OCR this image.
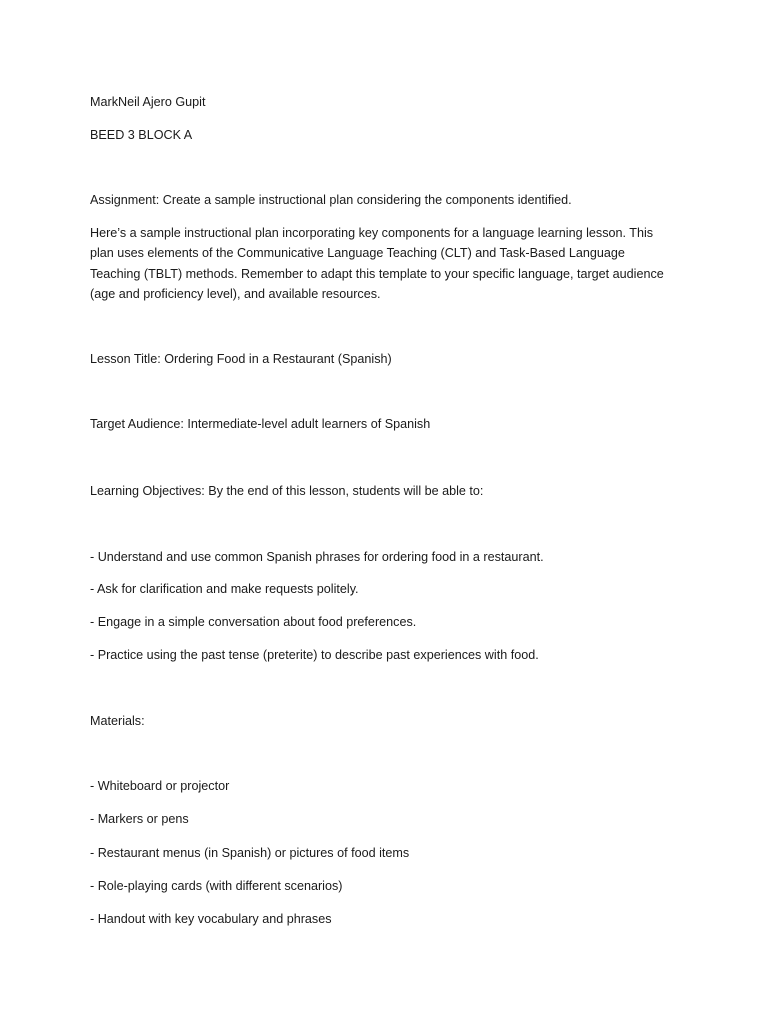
MarkNeil Ajero Gupit

BEED 3 BLOCK A

Assignment: Create a sample instructional plan considering the components identified.

Here’s a sample instructional plan incorporating key components for a language learning lesson. This plan uses elements of the Communicative Language Teaching (CLT) and Task-Based Language Teaching (TBLT) methods. Remember to adapt this template to your specific language, target audience (age and proficiency level), and available resources.

Lesson Title: Ordering Food in a Restaurant (Spanish)

Target Audience: Intermediate-level adult learners of Spanish

Learning Objectives: By the end of this lesson, students will be able to:

- Understand and use common Spanish phrases for ordering food in a restaurant.

- Ask for clarification and make requests politely.

- Engage in a simple conversation about food preferences.

- Practice using the past tense (preterite) to describe past experiences with food.

Materials:

- Whiteboard or projector

- Markers or pens

- Restaurant menus (in Spanish) or pictures of food items

- Role-playing cards (with different scenarios)

- Handout with key vocabulary and phrases
